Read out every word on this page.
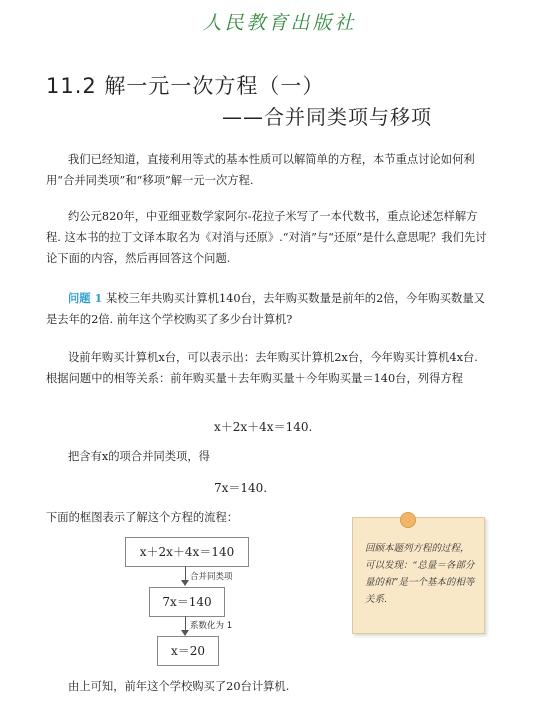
人民教育出版社
11.2 解一元一次方程（一）
——合并同类项与移项
我们已经知道，直接利用等式的基本性质可以解简单的方程，本节重点讨论如何利用“合并同类项”和“移项”解一元一次方程.
约公元820年，中亚细亚数学家阿尔-花拉子米写了一本代数书，重点论述怎样解方程. 这本书的拉丁文译本取名为《对消与还原》.“对消”与“还原”是什么意思呢？我们先讨论下面的内容，然后再回答这个问题.
问题 1 某校三年共购买计算机140台，去年购买数量是前年的2倍，今年购买数量又是去年的2倍. 前年这个学校购买了多少台计算机?
设前年购买计算机x台，可以表示出：去年购买计算机2x台，今年购买计算机4x台. 根据问题中的相等关系：前年购买量＋去年购买量＋今年购买量＝140台，列得方程
x＋2x＋4x＝140.
把含有x的项合并同类项，得
7x＝140.
下面的框图表示了解这个方程的流程：
x＋2x＋4x＝140
合并同类项
7x＝140
系数化为 1
x＝20
回顾本题列方程的过程，可以发现：“总量＝各部分量的和”是一个基本的相等关系.
由上可知，前年这个学校购买了20台计算机.
